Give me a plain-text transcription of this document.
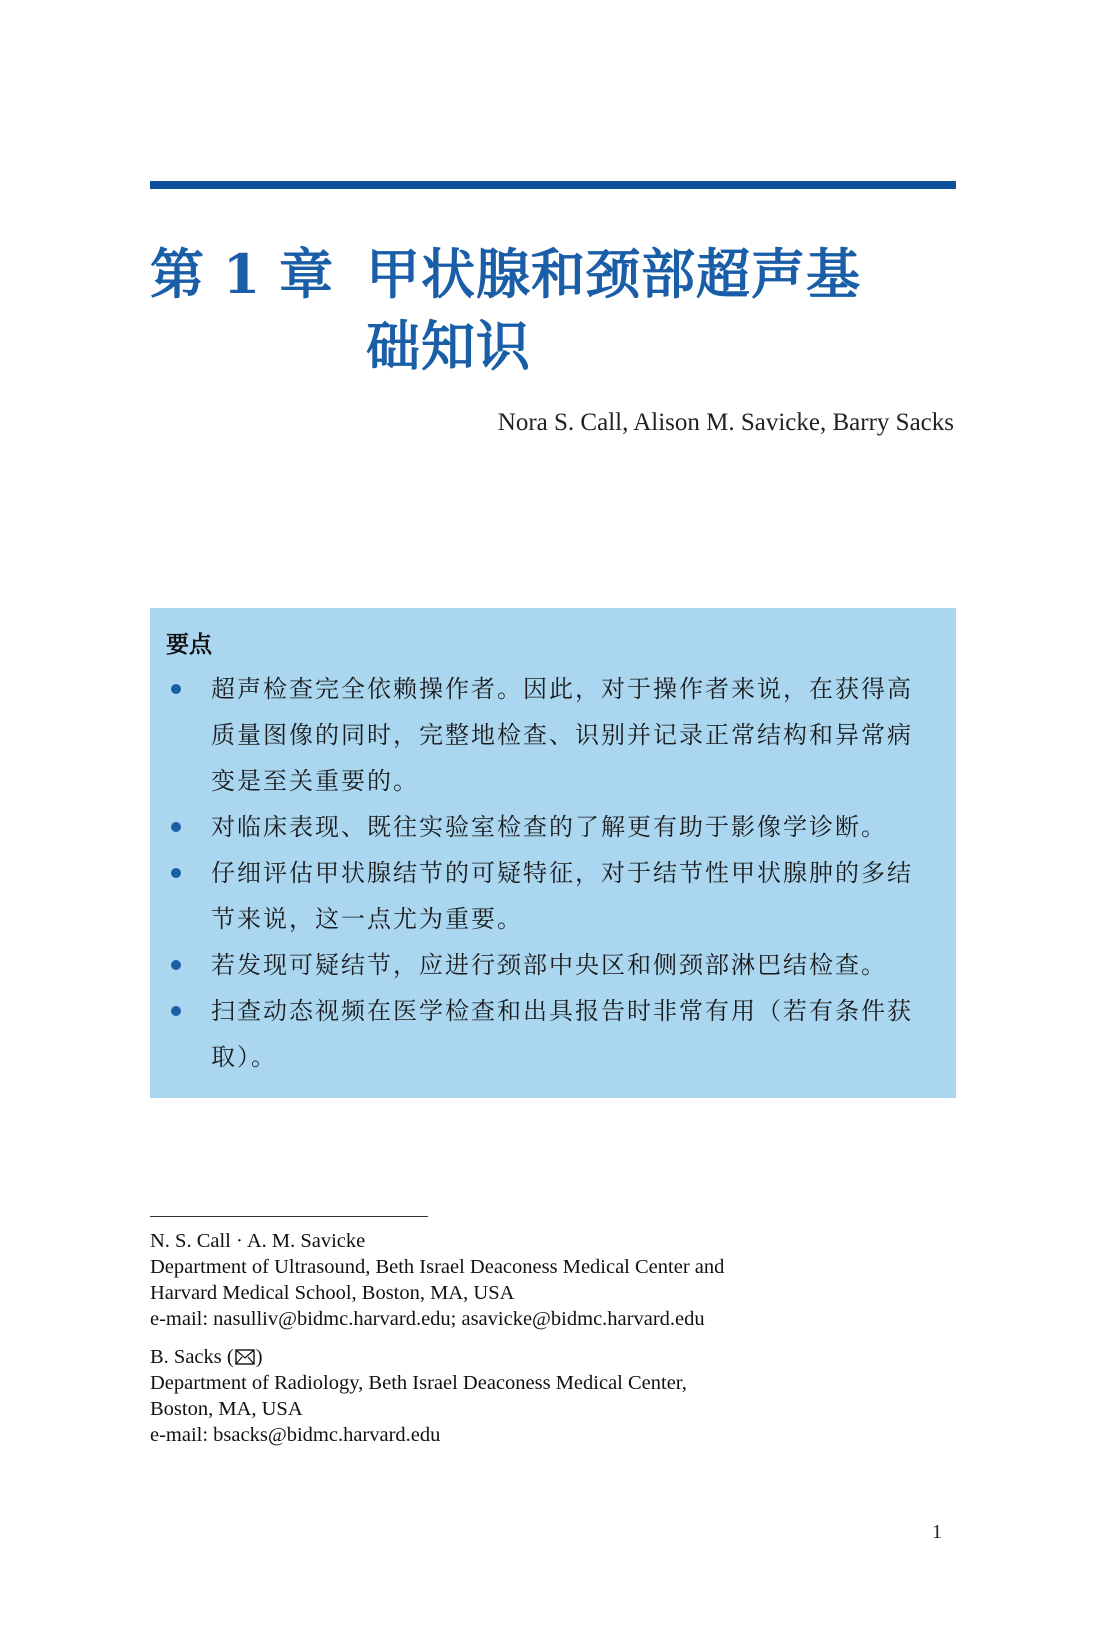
第 1 章 甲状腺和颈部超声基础知识
Nora S. Call, Alison M. Savicke, Barry Sacks
要点
超声检查完全依赖操作者。因此，对于操作者来说，在获得高质量图像的同时，完整地检查、识别并记录正常结构和异常病变是至关重要的。
对临床表现、既往实验室检查的了解更有助于影像学诊断。
仔细评估甲状腺结节的可疑特征，对于结节性甲状腺肿的多结节来说，这一点尤为重要。
若发现可疑结节，应进行颈部中央区和侧颈部淋巴结检查。
扫查动态视频在医学检查和出具报告时非常有用（若有条件获取）。
N. S. Call · A. M. Savicke
Department of Ultrasound, Beth Israel Deaconess Medical Center and
Harvard Medical School, Boston, MA, USA
e-mail: nasulliv@bidmc.harvard.edu; asavicke@bidmc.harvard.edu
B. Sacks ( )
Department of Radiology, Beth Israel Deaconess Medical Center,
Boston, MA, USA
e-mail: bsacks@bidmc.harvard.edu
1
